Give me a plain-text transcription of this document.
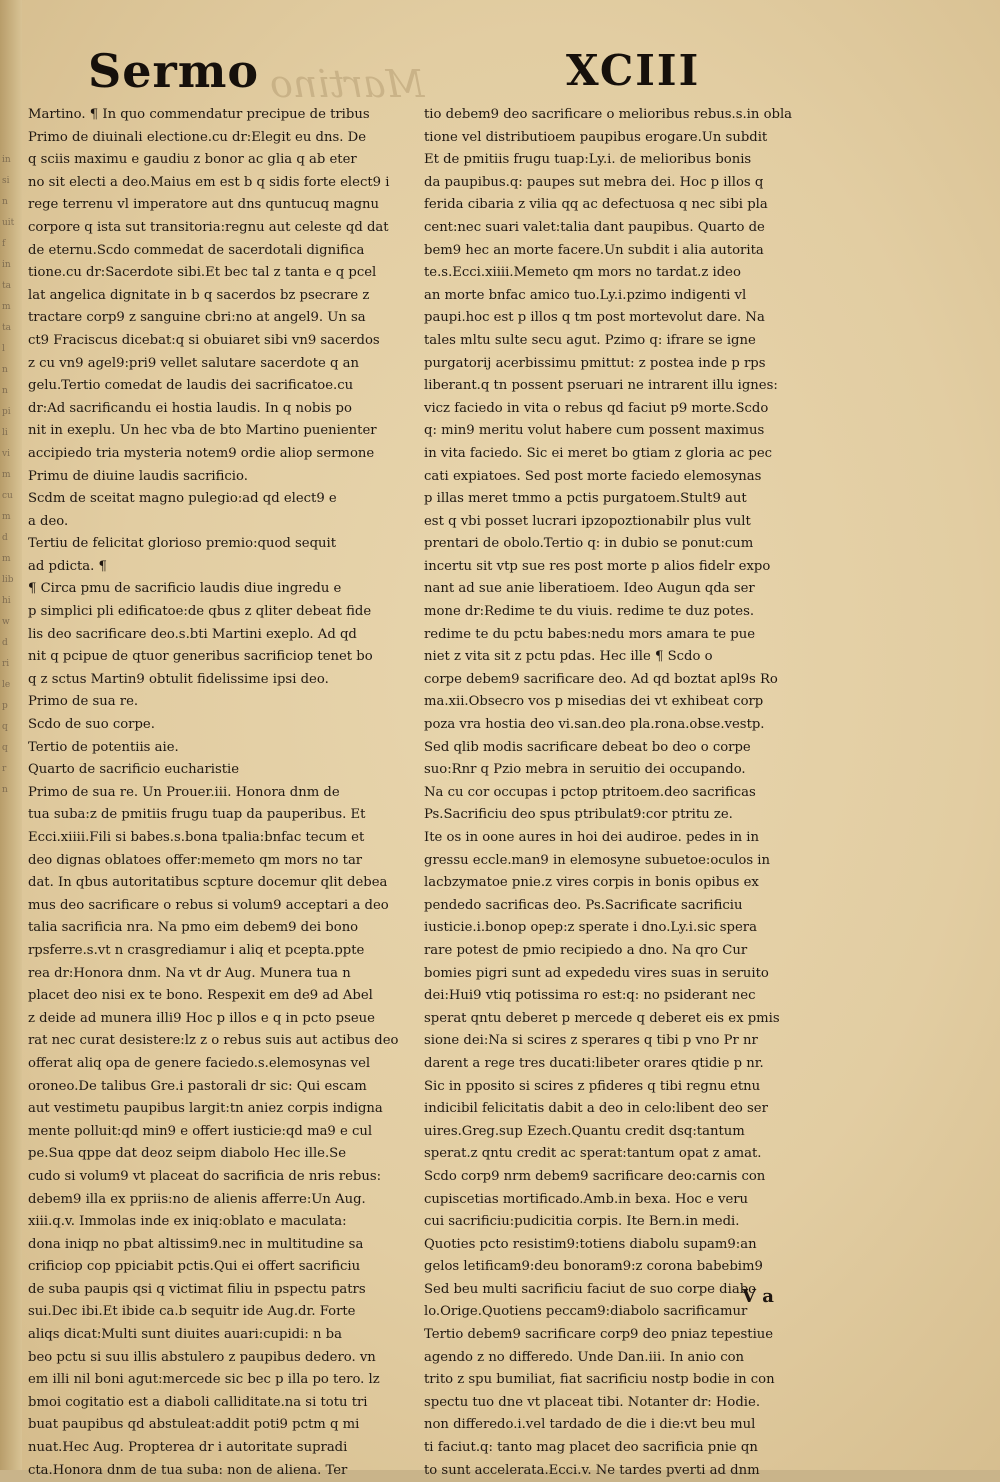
in
si
n
uit
f
in
ta
m
ta
l
n
n
pi
li
vi
m
cu
m
d
m
lib
hi
w
d
ri
le
p
q
q
r
n
Martino
Sermo	XCIII
Martino. ¶ In quo commendatur precipue de tribus
Primo de diuinali electione.cu dr:Elegit eu dns. De
q sciis maximu e gaudiu z bonor ac glia q ab eter
no sit electi a deo.Maius em est b q sidis forte elect9 i
rege terrenu vl imperatore aut dns quntucuq magnu
corpore q ista sut transitoria:regnu aut celeste qd dat
de eternu.Scdo commedat de sacerdotali dignifica
tione.cu dr:Sacerdote sibi.Et bec tal z tanta e q pcel
lat angelica dignitate in b q sacerdos bz psecrare z
tractare corp9 z sanguine cbri:no at angel9. Un sa
ct9 Fraciscus dicebat:q si obuiaret sibi vn9 sacerdos
z cu vn9 agel9:pri9 vellet salutare sacerdote q an
gelu.Tertio comedat de laudis dei sacrificatoe.cu
dr:Ad sacrificandu ei hostia laudis. In q nobis po
nit in exeplu. Un hec vba de bto Martino puenienter
accipiedo tria mysteria notem9 ordie aliop sermone
Primu de diuine laudis sacrificio.
Scdm de sceitat magno pulegio:ad qd elect9 e
a deo.
Tertiu de felicitat glorioso premio:quod sequit
ad pdicta. ¶
¶ Circa pmu de sacrificio laudis diue ingredu e
p simplici pli edificatoe:de qbus z qliter debeat fide
lis deo sacrificare deo.s.bti Martini exeplo. Ad qd
nit q pcipue de qtuor generibus sacrificiop tenet bo
q z sctus Martin9 obtulit fidelissime ipsi deo.
Primo de sua re.
Scdo de suo corpe.
Tertio de potentiis aie.
Quarto de sacrificio eucharistie
Primo de sua re. Un Prouer.iii. Honora dnm de
tua suba:z de pmitiis frugu tuap da pauperibus. Et
Ecci.xiiii.Fili si babes.s.bona tpalia:bnfac tecum et
deo dignas oblatoes offer:memeto qm mors no tar
dat. In qbus autoritatibus scpture docemur qlit debea
mus deo sacrificare o rebus si volum9 acceptari a deo
talia sacrificia nra. Na pmo eim debem9 dei bono
rpsferre.s.vt n crasgrediamur i aliq et pcepta.ppte
rea dr:Honora dnm. Na vt dr Aug. Munera tua n
placet deo nisi ex te bono. Respexit em de9 ad Abel
z deide ad munera illi9 Hoc p illos e q in pcto pseue
rat nec curat desistere:lz z o rebus suis aut actibus deo
offerat aliq opa de genere faciedo.s.elemosynas vel
oroneo.De talibus Gre.i pastorali dr sic: Qui escam
aut vestimetu paupibus largit:tn aniez corpis indigna
mente polluit:qd min9 e offert iusticie:qd ma9 e cul
pe.Sua qppe dat deoz seipm diabolo Hec ille.Se
cudo si volum9 vt placeat do sacrificia de nris rebus:
debem9 illa ex ppriis:no de alienis afferre:Un Aug.
xiii.q.v. Immolas inde ex iniq:oblato e maculata:
dona iniqp no pbat altissim9.nec in multitudine sa
crificiop cop ppiciabit pctis.Qui ei offert sacrificiu
de suba paupis qsi q victimat filiu in pspectu patrs
sui.Dec ibi.Et ibide ca.b sequitr ide Aug.dr. Forte
aliqs dicat:Multi sunt diuites auari:cupidi: n ba
beo pctu si suu illis abstulero z paupibus dedero. vn
em illi nil boni agut:mercede sic bec p illa po tero. lz
bmoi cogitatio est a diaboli calliditate.na si totu tri
buat paupibus qd abstuleat:addit poti9 pctm q mi
nuat.Hec Aug. Propterea dr i autoritate supradi
cta.Honora dnm de tua suba: non de aliena. Ter
tio debem9 deo sacrificare o melioribus rebus.s.in obla
tione vel distributioem paupibus erogare.Un subdit
Et de pmitiis frugu tuap:Ly.i. de melioribus bonis
da paupibus.q: paupes sut mebra dei. Hoc p illos q
ferida cibaria z vilia qq ac defectuosa q nec sibi pla
cent:nec suari valet:talia dant paupibus. Quarto de
bem9 hec an morte facere.Un subdit i alia autorita
te.s.Ecci.xiiii.Memeto qm mors no tardat.z ideo
an morte bnfac amico tuo.Ly.i.pzimo indigenti vl
paupi.hoc est p illos q tm post mortevolut dare. Na
tales mltu sulte secu agut. Pzimo q: ifrare se igne
purgatorij acerbissimu pmittut: z postea inde p rps
liberant.q tn possent pseruari ne intrarent illu ignes:
vicz faciedo in vita o rebus qd faciut p9 morte.Scdo
q: min9 meritu volut habere cum possent maximus
in vita faciedo. Sic ei meret bo gtiam z gloria ac pec
cati expiatoes. Sed post morte faciedo elemosynas
p illas meret tmmo a pctis purgatoem.Stult9 aut
est q vbi posset lucrari ipzopoztionabilr plus vult
prentari de obolo.Tertio q: in dubio se ponut:cum
incertu sit vtp sue res post morte p alios fidelr expo
nant ad sue anie liberatioem. Ideo Augun qda ser
mone dr:Redime te du viuis. redime te duz potes.
redime te du pctu babes:nedu mors amara te pue
niet z vita sit z pctu pdas. Hec ille ¶ Scdo o
corpe debem9 sacrificare deo. Ad qd boztat apl9s Ro
ma.xii.Obsecro vos p misedias dei vt exhibeat corp
poza vra hostia deo vi.san.deo pla.rona.obse.vestp.
Sed qlib modis sacrificare debeat bo deo o corpe
suo:Rnr q Pzio mebra in seruitio dei occupando.
Na cu cor occupas i pctop ptritoem.deo sacrificas
Ps.Sacrificiu deo spus ptribulat9:cor ptritu ze.
Ite os in oone aures in hoi dei audiroe. pedes in in
gressu eccle.man9 in elemosyne subuetoe:oculos in
lacbzymatoe pnie.z vires corpis in bonis opibus ex
pendedo sacrificas deo. Ps.Sacrificate sacrificiu
iusticie.i.bonop opep:z sperate i dno.Ly.i.sic spera
rare potest de pmio recipiedo a dno. Na qro Cur
bomies pigri sunt ad expededu vires suas in seruito
dei:Hui9 vtiq potissima ro est:q: no psiderant nec
sperat qntu deberet p mercede q deberet eis ex pmis
sione dei:Na si scires z sperares q tibi p vno Pr nr
darent a rege tres ducati:libeter orares qtidie p nr.
Sic in pposito si scires z pfideres q tibi regnu etnu
indicibil felicitatis dabit a deo in celo:libent deo ser
uires.Greg.sup Ezech.Quantu credit dsq:tantum
sperat.z qntu credit ac sperat:tantum opat z amat.
Scdo corp9 nrm debem9 sacrificare deo:carnis con
cupiscetias mortificado.Amb.in bexa. Hoc e veru
cui sacrificiu:pudicitia corpis. Ite Bern.in medi.
Quoties pcto resistim9:totiens diabolu supam9:an
gelos letificam9:deu bonoram9:z corona babebim9
Sed beu multi sacrificiu faciut de suo corpe diabo
lo.Orige.Quotiens peccam9:diabolo sacrificamur
Tertio debem9 sacrificare corp9 deo pniaz tepestiue
agendo z no differedo. Unde Dan.iii. In anio con
trito z spu bumiliat, fiat sacrificiu nostp bodie in con
spectu tuo dne vt placeat tibi. Notanter dr: Hodie.
non differedo.i.vel tardado de die i die:vt beu mul
ti faciut.q: tanto mag placet deo sacrificia pnie qn
to sunt accelerata.Ecci.v. Ne tardes pverti ad dnm
V a
